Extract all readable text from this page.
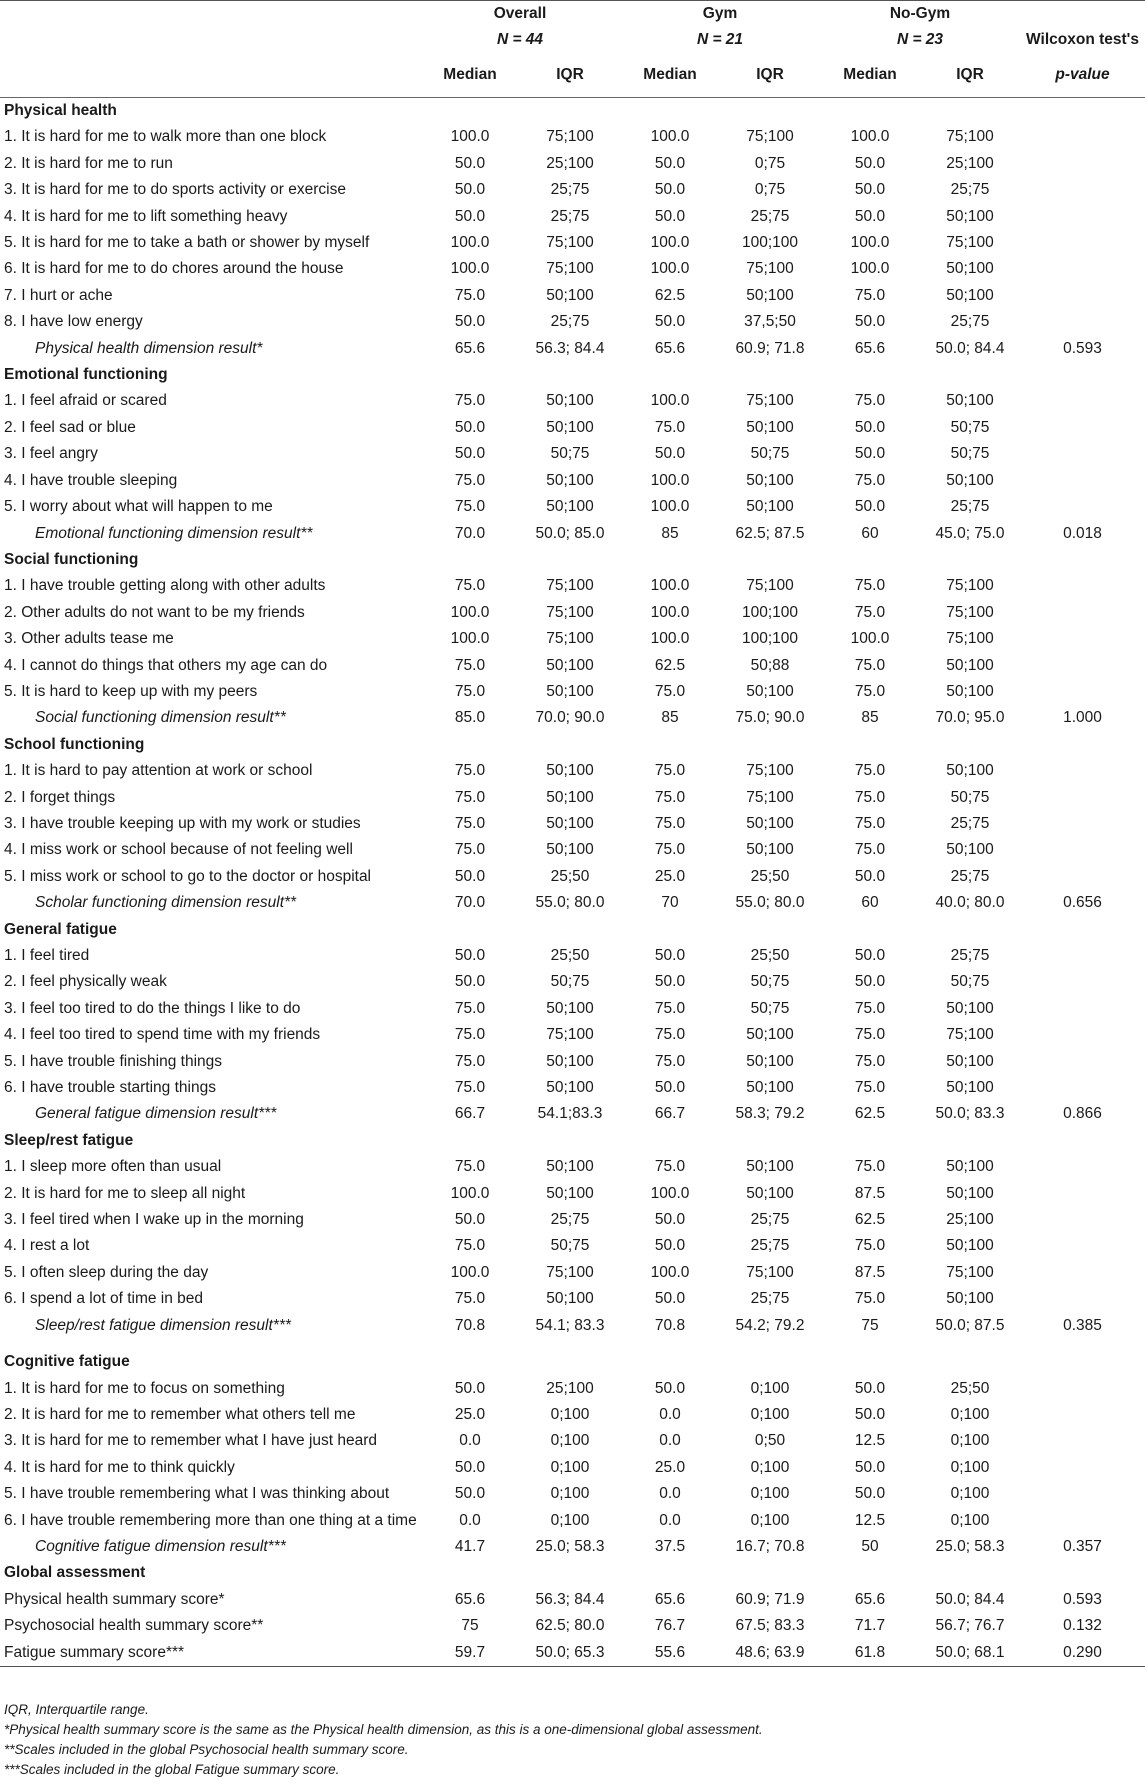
	Overall		Gym		No-Gym		
	N = 44		N = 21		N = 23		Wilcoxon test's
	Median	IQR	Median	IQR	Median	IQR	p-value
Physical health							
1. It is hard for me to walk more than one block	100.0	75;100	100.0	75;100	100.0	75;100	
2. It is hard for me to run	50.0	25;100	50.0	0;75	50.0	25;100	
3. It is hard for me to do sports activity or exercise	50.0	25;75	50.0	0;75	50.0	25;75	
4. It is hard for me to lift something heavy	50.0	25;75	50.0	25;75	50.0	50;100	
5. It is hard for me to take a bath or shower by myself	100.0	75;100	100.0	100;100	100.0	75;100	
6. It is hard for me to do chores around the house	100.0	75;100	100.0	75;100	100.0	50;100	
7. I hurt or ache	75.0	50;100	62.5	50;100	75.0	50;100	
8. I have low energy	50.0	25;75	50.0	37,5;50	50.0	25;75	
Physical health dimension result*	65.6	56.3; 84.4	65.6	60.9; 71.8	65.6	50.0; 84.4	0.593
Emotional functioning							
1. I feel afraid or scared	75.0	50;100	100.0	75;100	75.0	50;100	
2. I feel sad or blue	50.0	50;100	75.0	50;100	50.0	50;75	
3. I feel angry	50.0	50;75	50.0	50;75	50.0	50;75	
4. I have trouble sleeping	75.0	50;100	100.0	50;100	75.0	50;100	
5. I worry about what will happen to me	75.0	50;100	100.0	50;100	50.0	25;75	
Emotional functioning dimension result**	70.0	50.0; 85.0	85	62.5; 87.5	60	45.0; 75.0	0.018
Social functioning							
1. I have trouble getting along with other adults	75.0	75;100	100.0	75;100	75.0	75;100	
2. Other adults do not want to be my friends	100.0	75;100	100.0	100;100	75.0	75;100	
3. Other adults tease me	100.0	75;100	100.0	100;100	100.0	75;100	
4. I cannot do things that others my age can do	75.0	50;100	62.5	50;88	75.0	50;100	
5. It is hard to keep up with my peers	75.0	50;100	75.0	50;100	75.0	50;100	
Social functioning dimension result**	85.0	70.0; 90.0	85	75.0; 90.0	85	70.0; 95.0	1.000
School functioning							
1. It is hard to pay attention at work or school	75.0	50;100	75.0	75;100	75.0	50;100	
2. I forget things	75.0	50;100	75.0	75;100	75.0	50;75	
3. I have trouble keeping up with my work or studies	75.0	50;100	75.0	50;100	75.0	25;75	
4. I miss work or school because of not feeling well	75.0	50;100	75.0	50;100	75.0	50;100	
5. I miss work or school to go to the doctor or hospital	50.0	25;50	25.0	25;50	50.0	25;75	
Scholar functioning dimension result**	70.0	55.0; 80.0	70	55.0; 80.0	60	40.0; 80.0	0.656
General fatigue							
1. I feel tired	50.0	25;50	50.0	25;50	50.0	25;75	
2. I feel physically weak	50.0	50;75	50.0	50;75	50.0	50;75	
3. I feel too tired to do the things I like to do	75.0	50;100	75.0	50;75	75.0	50;100	
4. I feel too tired to spend time with my friends	75.0	75;100	75.0	50;100	75.0	75;100	
5. I have trouble finishing things	75.0	50;100	75.0	50;100	75.0	50;100	
6. I have trouble starting things	75.0	50;100	50.0	50;100	75.0	50;100	
General fatigue dimension result***	66.7	54.1;83.3	66.7	58.3; 79.2	62.5	50.0; 83.3	0.866
Sleep/rest fatigue							
1. I sleep more often than usual	75.0	50;100	75.0	50;100	75.0	50;100	
2. It is hard for me to sleep all night	100.0	50;100	100.0	50;100	87.5	50;100	
3. I feel tired when I wake up in the morning	50.0	25;75	50.0	25;75	62.5	25;100	
4. I rest a lot	75.0	50;75	50.0	25;75	75.0	50;100	
5. I often sleep during the day	100.0	75;100	100.0	75;100	87.5	75;100	
6. I spend a lot of time in bed	75.0	50;100	50.0	25;75	75.0	50;100	
Sleep/rest fatigue dimension result***	70.8	54.1; 83.3	70.8	54.2; 79.2	75	50.0; 87.5	0.385

Cognitive fatigue							
1. It is hard for me to focus on something	50.0	25;100	50.0	0;100	50.0	25;50	
2. It is hard for me to remember what others tell me	25.0	0;100	0.0	0;100	50.0	0;100	
3. It is hard for me to remember what I have just heard	0.0	0;100	0.0	0;50	12.5	0;100	
4. It is hard for me to think quickly	50.0	0;100	25.0	0;100	50.0	0;100	
5. I have trouble remembering what I was thinking about	50.0	0;100	0.0	0;100	50.0	0;100	
6. I have trouble remembering more than one thing at a time	0.0	0;100	0.0	0;100	12.5	0;100	
Cognitive fatigue dimension result***	41.7	25.0; 58.3	37.5	16.7; 70.8	50	25.0; 58.3	0.357
Global assessment							
Physical health summary score*	65.6	56.3; 84.4	65.6	60.9; 71.9	65.6	50.0; 84.4	0.593
Psychosocial health summary score**	75	62.5; 80.0	76.7	67.5; 83.3	71.7	56.7; 76.7	0.132
Fatigue summary score***	59.7	50.0; 65.3	55.6	48.6; 63.9	61.8	50.0; 68.1	0.290
IQR, Interquartile range.
*Physical health summary score is the same as the Physical health dimension, as this is a one-dimensional global assessment.
**Scales included in the global Psychosocial health summary score.
***Scales included in the global Fatigue summary score.
